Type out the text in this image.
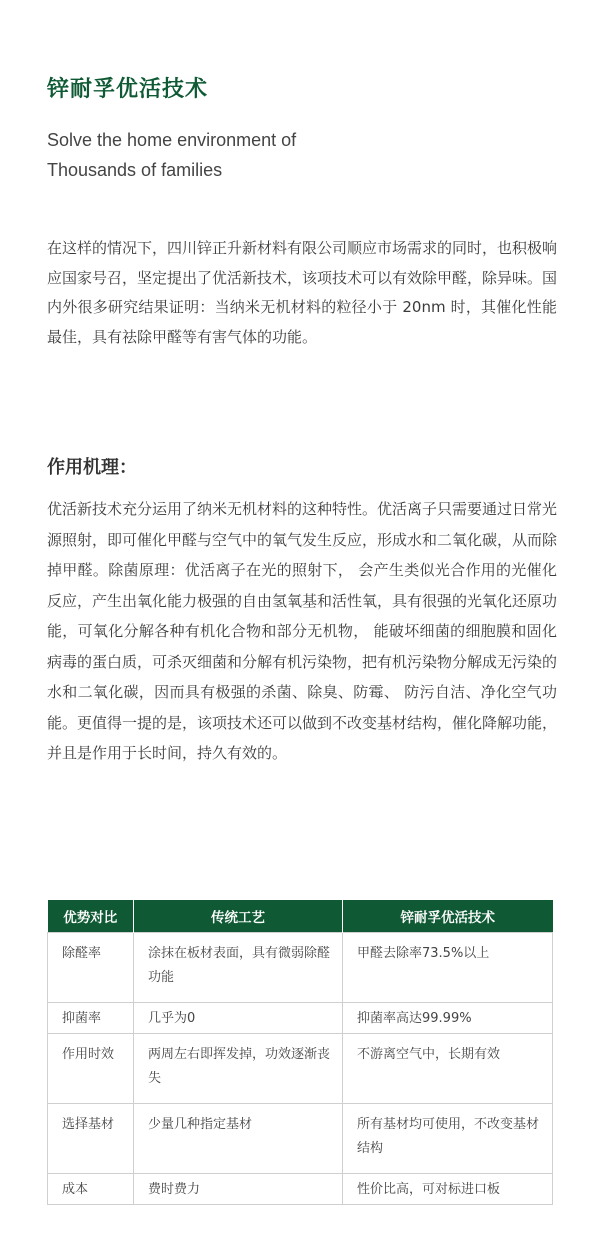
锌耐孚优活技术
Solve the home environment of
Thousands of families

在这样的情况下，四川锌正升新材料有限公司顺应市场需求的同时，也积极响应国家号召，坚定提出了优活新技术，该项技术可以有效除甲醛，除异味。国内外很多研究结果证明：当纳米无机材料的粒径小于 20nm 时，其催化性能最佳，具有祛除甲醛等有害气体的功能。

作用机理：

优活新技术充分运用了纳米无机材料的这种特性。优活离子只需要通过日常光源照射，即可催化甲醛与空气中的氧气发生反应，形成水和二氧化碳，从而除掉甲醛。除菌原理：优活离子在光的照射下， 会产生类似光合作用的光催化反应，产生出氧化能力极强的自由氢氧基和活性氧，具有很强的光氧化还原功能，可氧化分解各种有机化合物和部分无机物， 能破坏细菌的细胞膜和固化病毒的蛋白质，可杀灭细菌和分解有机污染物，把有机污染物分解成无污染的水和二氧化碳，因而具有极强的杀菌、除臭、防霉、 防污自洁、净化空气功能。更值得一提的是，该项技术还可以做到不改变基材结构，催化降解功能，并且是作用于长时间，持久有效的。

优势对比	传统工艺	锌耐孚优活技术
除醛率	涂抹在板材表面，具有微弱除醛功能	甲醛去除率73.5%以上
抑菌率	几乎为0	抑菌率高达99.99%
作用时效	两周左右即挥发掉，功效逐渐丧失	不游离空气中，长期有效
选择基材	少量几种指定基材	所有基材均可使用，不改变基材结构
成本	费时费力	性价比高，可对标进口板
